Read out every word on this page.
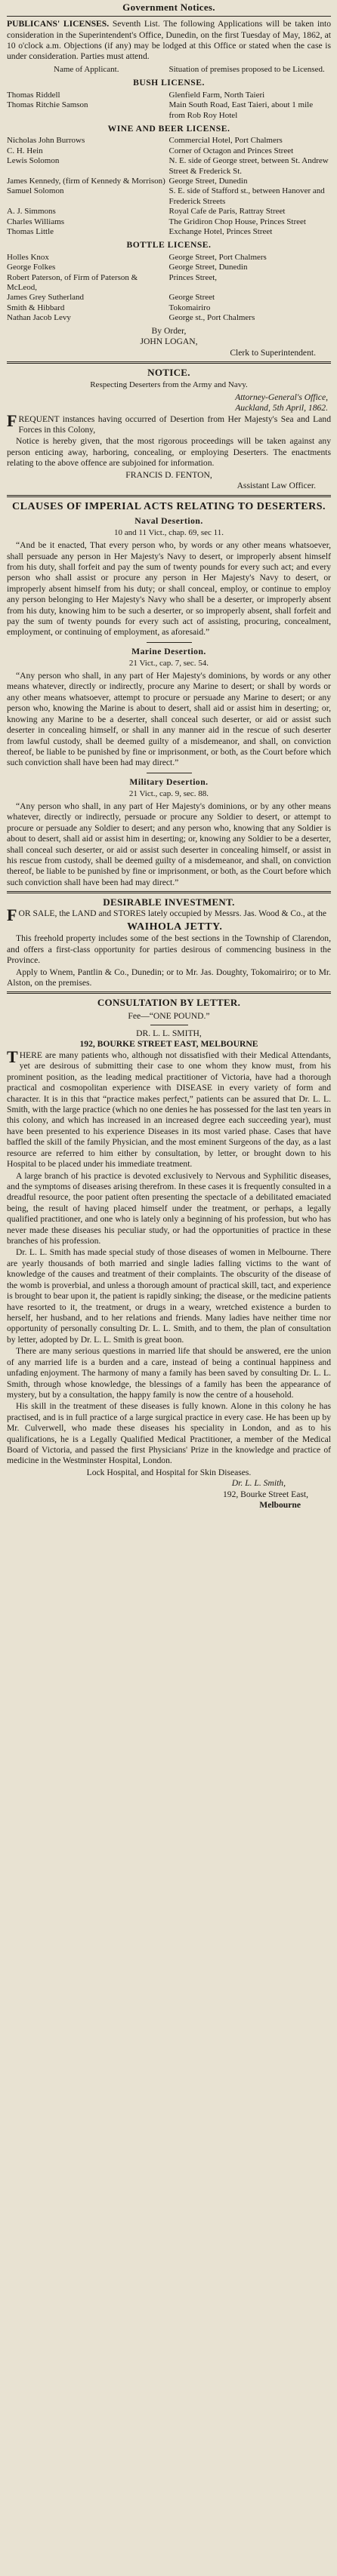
Government Notices.
PUBLICANS' LICENSES. Seventh List. The following Applications will be taken into consideration in the Superintendent's Office, Dunedin, on the first Tuesday of May, 1862, at 10 o'clock a.m. Objections (if any) may be lodged at this Office or stated when the case is under consideration. Parties must attend.
Name of Applicant.	Situation of premises proposed to be Licensed.
BUSH LICENSE.
Thomas Riddell	Glenfield Farm, North Taieri
Thomas Ritchie Samson	Main South Road, East Taieri, about 1 mile from Rob Roy Hotel
WINE AND BEER LICENSE.
Nicholas John Burrows	Commercial Hotel, Port Chalmers
C. H. Hein	Corner of Octagon and Princes Street
Lewis Solomon	N. E. side of George street, between St. Andrew Street & Frederick St.
James Kennedy, (firm of Kennedy & Morrison)	George Street, Dunedin
Samuel Solomon	S. E. side of Stafford st., between Hanover and Frederick Streets
A. J. Simmons	Royal Cafe de Paris, Rattray Street
Charles Williams	The Gridiron Chop House, Princes Street
Thomas Little	Exchange Hotel, Princes Street
BOTTLE LICENSE.
Holles Knox	George Street, Port Chalmers
George Folkes	George Street, Dunedin
Robert Paterson, of Firm of Paterson & McLeod,	Princes Street,
James Grey Sutherland	George Street
Smith & Hibbard	Tokomairiro
Nathan Jacob Levy	George st., Port Chalmers
By Order,
JOHN LOGAN,
Clerk to Superintendent.
NOTICE.
Respecting Deserters from the Army and Navy.
Attorney-General's Office,
Auckland, 5th April, 1862.
FREQUENT instances having occurred of Desertion from Her Majesty's Sea and Land Forces in this Colony,
Notice is hereby given, that the most rigorous proceedings will be taken against any person enticing away, harboring, concealing, or employing Deserters. The enactments relating to the above offence are subjoined for information.
FRANCIS D. FENTON,
Assistant Law Officer.
CLAUSES OF IMPERIAL ACTS RELATING TO DESERTERS.
Naval Desertion.
10 and 11 Vict., chap. 69, sec 11.
“And be it enacted, That every person who, by words or any other means whatsoever, shall persuade any person in Her Majesty's Navy to desert, or improperly absent himself from his duty, shall forfeit and pay the sum of twenty pounds for every such act; and every person who shall assist or procure any person in Her Majesty's Navy to desert, or improperly absent himself from his duty; or shall conceal, employ, or continue to employ any person belonging to Her Majesty's Navy who shall be a deserter, or improperly absent from his duty, knowing him to be such a deserter, or so improperly absent, shall forfeit and pay the sum of twenty pounds for every such act of assisting, procuring, concealment, employment, or continuing of employment, as aforesaid.”
Marine Desertion.
21 Vict., cap. 7, sec. 54.
“Any person who shall, in any part of Her Majesty's dominions, by words or any other means whatever, directly or indirectly, procure any Marine to desert; or shall by words or any other means whatsoever, attempt to procure or persuade any Marine to desert; or any person who, knowing the Marine is about to desert, shall aid or assist him in deserting; or, knowing any Marine to be a deserter, shall conceal such deserter, or aid or assist such deserter in concealing himself, or shall in any manner aid in the rescue of such deserter from lawful custody, shall be deemed guilty of a misdemeanor, and shall, on conviction thereof, be liable to be punished by fine or imprisonment, or both, as the Court before which such conviction shall have been had may direct.”
Military Desertion.
21 Vict., cap. 9, sec. 88.
“Any person who shall, in any part of Her Majesty's dominions, or by any other means whatever, directly or indirectly, persuade or procure any Soldier to desert, or attempt to procure or persuade any Soldier to desert; and any person who, knowing that any Soldier is about to desert, shall aid or assist him in deserting; or, knowing any Soldier to be a deserter, shall conceal such deserter, or aid or assist such deserter in concealing himself, or assist in his rescue from custody, shall be deemed guilty of a misdemeanor, and shall, on conviction thereof, be liable to be punished by fine or imprisonment, or both, as the Court before which such conviction shall have been had may direct.”
DESIRABLE INVESTMENT.
FOR SALE, the LAND and STORES lately occupied by Messrs. Jas. Wood & Co., at the
WAIHOLA JETTY.
This freehold property includes some of the best sections in the Township of Clarendon, and offers a first-class opportunity for parties desirous of commencing business in the Province.
Apply to Wnem, Pantlin & Co., Dunedin; or to Mr. Jas. Doughty, Tokomairiro; or to Mr. Alston, on the premises.
CONSULTATION BY LETTER.
Fee—“ONE POUND.”
DR. L. L. SMITH,
192, BOURKE STREET EAST, MELBOURNE
THERE are many patients who, although not dissatisfied with their Medical Attendants, yet are desirous of submitting their case to one whom they know must, from his prominent position, as the leading medical practitioner of Victoria, have had a thorough practical and cosmopolitan experience with DISEASE in every variety of form and character. It is in this that “practice makes perfect,” patients can be assured that Dr. L. L. Smith, with the large practice (which no one denies he has possessed for the last ten years in this colony, and which has increased in an increased degree each succeeding year), must have been presented to his experience Diseases in its most varied phase. Cases that have baffled the skill of the family Physician, and the most eminent Surgeons of the day, as a last resource are referred to him either by consultation, by letter, or brought down to his Hospital to be placed under his immediate treatment.
A large branch of his practice is devoted exclusively to Nervous and Syphilitic diseases, and the symptoms of diseases arising therefrom. In these cases it is frequently consulted in a dreadful resource, the poor patient often presenting the spectacle of a debilitated emaciated being, the result of having placed himself under the treatment, or perhaps, a legally qualified practitioner, and one who is lately only a beginning of his profession, but who has never made these diseases his peculiar study, or had the opportunities of practice in these branches of his profession.
Dr. L. L. Smith has made special study of those diseases of women in Melbourne. There are yearly thousands of both married and single ladies falling victims to the want of knowledge of the causes and treatment of their complaints. The obscurity of the disease of the womb is proverbial, and unless a thorough amount of practical skill, tact, and experience is brought to bear upon it, the patient is rapidly sinking; the disease, or the medicine patients have resorted to it, the treatment, or drugs in a weary, wretched existence a burden to herself, her husband, and to her relations and friends. Many ladies have neither time nor opportunity of personally consulting Dr. L. L. Smith, and to them, the plan of consultation by letter, adopted by Dr. L. L. Smith is great boon.
There are many serious questions in married life that should be answered, ere the union of any married life is a burden and a care, instead of being a continual happiness and unfading enjoyment. The harmony of many a family has been saved by consulting Dr. L. L. Smith, through whose knowledge, the blessings of a family has been the appearance of mystery, but by a consultation, the happy family is now the centre of a household.
His skill in the treatment of these diseases is fully known. Alone in this colony he has practised, and is in full practice of a large surgical practice in every case. He has been up by Mr. Culverwell, who made these diseases his speciality in London, and as to his qualifications, he is a Legally Qualified Medical Practitioner, a member of the Medical Board of Victoria, and passed the first Physicians' Prize in the knowledge and practice of medicine in the Westminster Hospital, London.
Lock Hospital, and Hospital for Skin Diseases.
Dr. L. L. Smith,
192, Bourke Street East,
Melbourne
